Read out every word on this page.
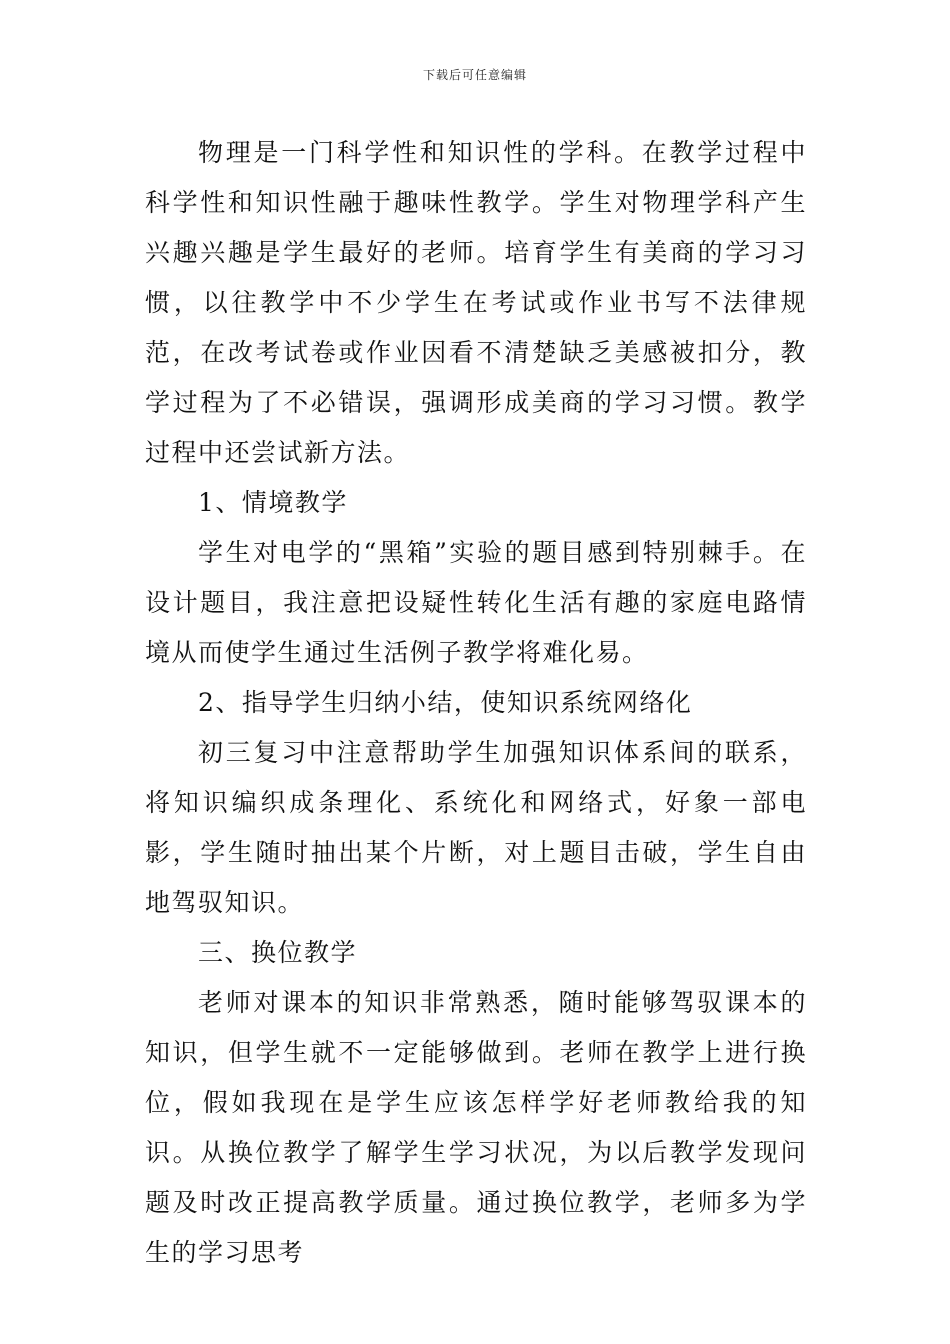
下载后可任意编辑

物理是一门科学性和知识性的学科。在教学过程中科学性和知识性融于趣味性教学。学生对物理学科产生兴趣兴趣是学生最好的老师。培育学生有美商的学习习惯，以往教学中不少学生在考试或作业书写不法律规范，在改考试卷或作业因看不清楚缺乏美感被扣分，教学过程为了不必错误，强调形成美商的学习习惯。教学过程中还尝试新方法。

1、情境教学

学生对电学的“黑箱”实验的题目感到特别棘手。在设计题目，我注意把设疑性转化生活有趣的家庭电路情境从而使学生通过生活例子教学将难化易。

2、指导学生归纳小结，使知识系统网络化

初三复习中注意帮助学生加强知识体系间的联系，将知识编织成条理化、系统化和网络式，好象一部电影，学生随时抽出某个片断，对上题目击破，学生自由地驾驭知识。

三、换位教学

老师对课本的知识非常熟悉，随时能够驾驭课本的知识，但学生就不一定能够做到。老师在教学上进行换位，假如我现在是学生应该怎样学好老师教给我的知识。从换位教学了解学生学习状况，为以后教学发现问题及时改正提高教学质量。通过换位教学，老师多为学生的学习思考
